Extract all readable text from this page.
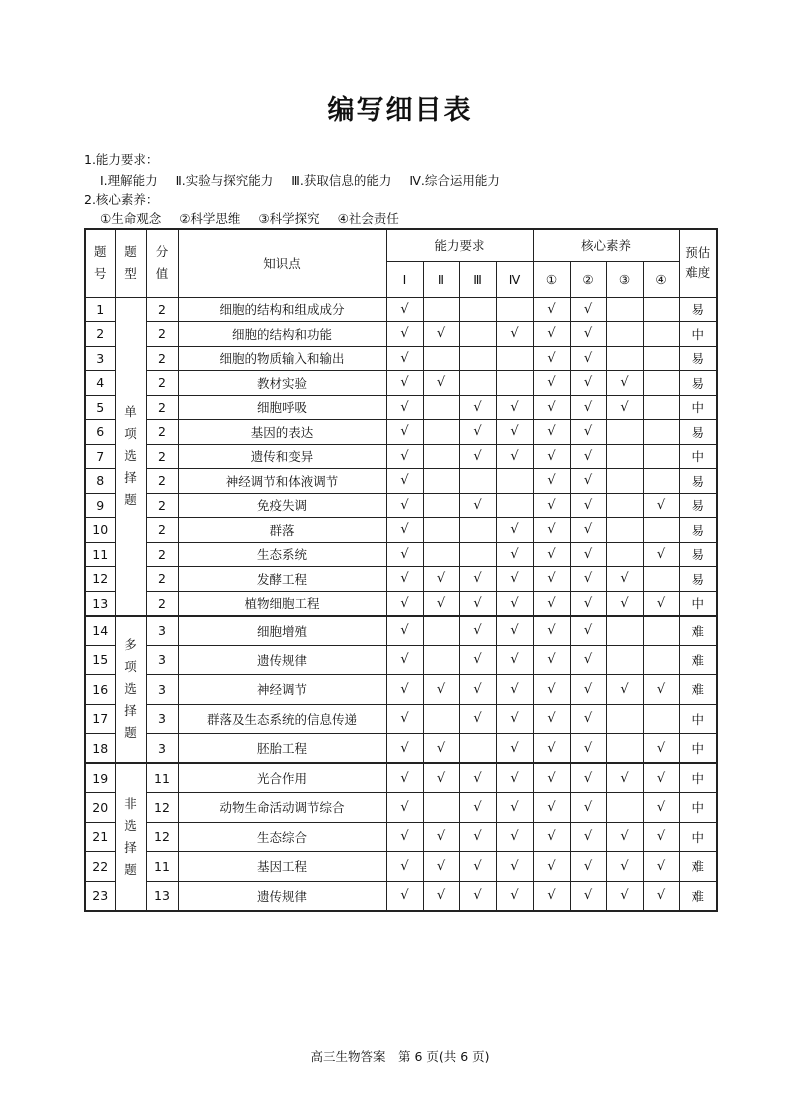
编写细目表
1.能力要求：
Ⅰ.理解能力 Ⅱ.实验与探究能力 Ⅲ.获取信息的能力 Ⅳ.综合运用能力
2.核心素养：
①生命观念 ②科学思维 ③科学探究 ④社会责任
题号	题型	分值	知识点	能力要求				核心素养				预估难度

				Ⅰ	Ⅱ	Ⅲ	Ⅳ	①	②	③	④	
1	单项选择题	2	细胞的结构和组成成分	√				√	√			易
2		2	细胞的结构和功能	√	√		√	√	√			中
3		2	细胞的物质输入和输出	√				√	√			易
4		2	教材实验	√	√			√	√	√		易
5		2	细胞呼吸	√		√	√	√	√	√		中
6		2	基因的表达	√		√	√	√	√			易
7		2	遗传和变异	√		√	√	√	√			中
8		2	神经调节和体液调节	√				√	√			易
9		2	免疫失调	√		√		√	√		√	易
10		2	群落	√			√	√	√			易
11		2	生态系统	√			√	√	√		√	易
12		2	发酵工程	√	√	√	√	√	√	√		易
13		2	植物细胞工程	√	√	√	√	√	√	√	√	中
14	多项选择题	3	细胞增殖	√		√	√	√	√			难
15		3	遗传规律	√		√	√	√	√			难
16		3	神经调节	√	√	√	√	√	√	√	√	难
17		3	群落及生态系统的信息传递	√		√	√	√	√			中
18		3	胚胎工程	√	√		√	√	√		√	中
19	非选择题	11	光合作用	√	√	√	√	√	√	√	√	中
20		12	动物生命活动调节综合	√		√	√	√	√		√	中
21		12	生态综合	√	√	√	√	√	√	√	√	中
22		11	基因工程	√	√	√	√	√	√	√	√	难
23		13	遗传规律	√	√	√	√	√	√	√	√	难
高三生物答案　第 6 页(共 6 页)
